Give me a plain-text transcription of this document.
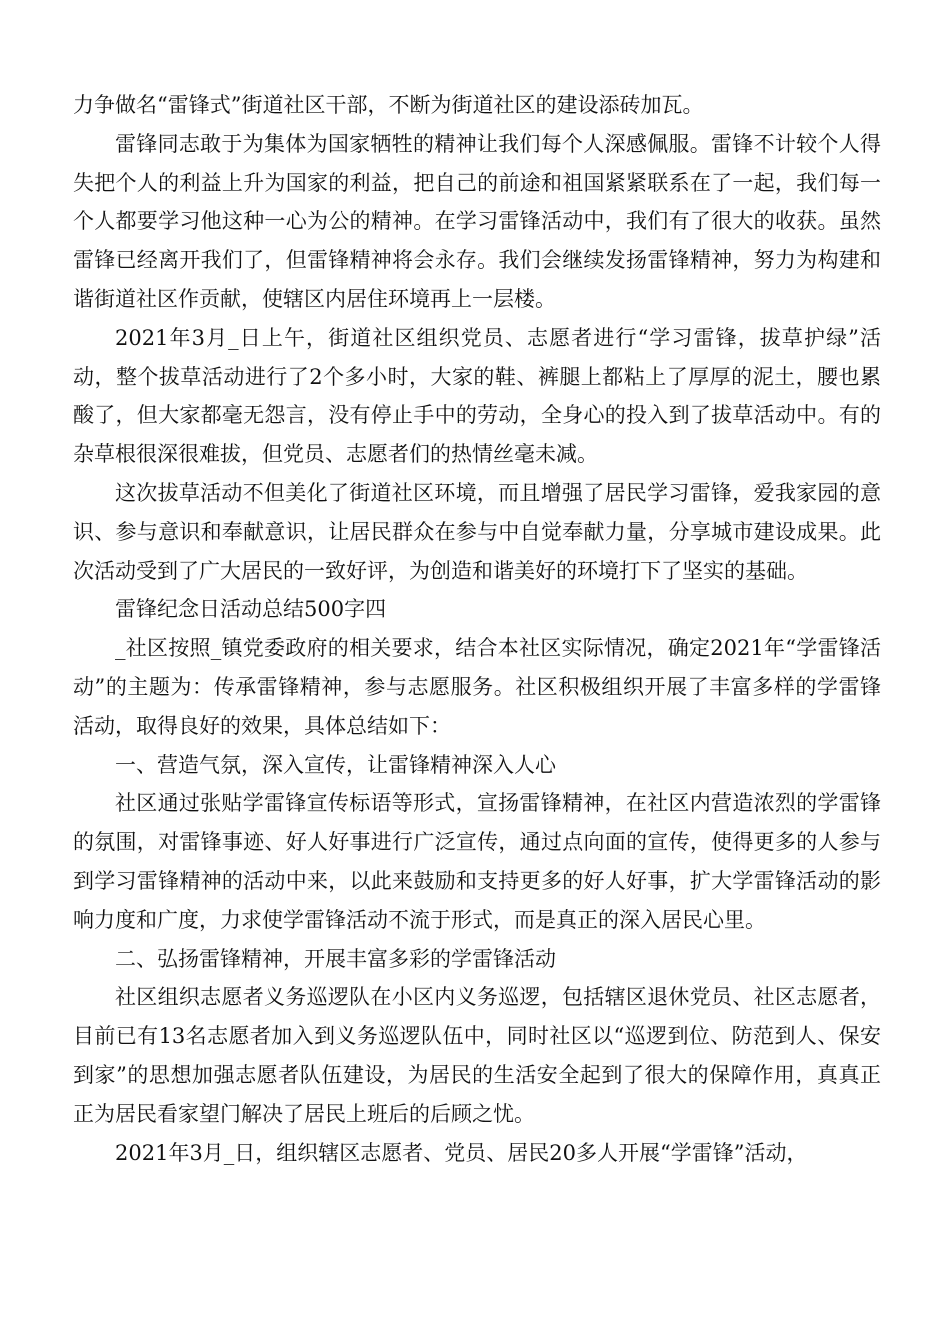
力争做名“雷锋式”街道社区干部，不断为街道社区的建设添砖加瓦。

雷锋同志敢于为集体为国家牺牲的精神让我们每个人深感佩服。雷锋不计较个人得失把个人的利益上升为国家的利益，把自己的前途和祖国紧紧联系在了一起，我们每一个人都要学习他这种一心为公的精神。在学习雷锋活动中，我们有了很大的收获。虽然雷锋已经离开我们了，但雷锋精神将会永存。我们会继续发扬雷锋精神，努力为构建和谐街道社区作贡献，使辖区内居住环境再上一层楼。

2021年3月_日上午，街道社区组织党员、志愿者进行“学习雷锋，拔草护绿”活动，整个拔草活动进行了2个多小时，大家的鞋、裤腿上都粘上了厚厚的泥土，腰也累酸了，但大家都毫无怨言，没有停止手中的劳动，全身心的投入到了拔草活动中。有的杂草根很深很难拔，但党员、志愿者们的热情丝毫未减。

这次拔草活动不但美化了街道社区环境，而且增强了居民学习雷锋，爱我家园的意识、参与意识和奉献意识，让居民群众在参与中自觉奉献力量，分享城市建设成果。此次活动受到了广大居民的一致好评，为创造和谐美好的环境打下了坚实的基础。

雷锋纪念日活动总结500字四

_社区按照_镇党委政府的相关要求，结合本社区实际情况，确定2021年“学雷锋活动”的主题为：传承雷锋精神，参与志愿服务。社区积极组织开展了丰富多样的学雷锋活动，取得良好的效果，具体总结如下：

一、营造气氛，深入宣传，让雷锋精神深入人心

社区通过张贴学雷锋宣传标语等形式，宣扬雷锋精神，在社区内营造浓烈的学雷锋的氛围，对雷锋事迹、好人好事进行广泛宣传，通过点向面的宣传，使得更多的人参与到学习雷锋精神的活动中来，以此来鼓励和支持更多的好人好事，扩大学雷锋活动的影响力度和广度，力求使学雷锋活动不流于形式，而是真正的深入居民心里。

二、弘扬雷锋精神，开展丰富多彩的学雷锋活动

社区组织志愿者义务巡逻队在小区内义务巡逻，包括辖区退休党员、社区志愿者，目前已有13名志愿者加入到义务巡逻队伍中，同时社区以“巡逻到位、防范到人、保安到家”的思想加强志愿者队伍建设，为居民的生活安全起到了很大的保障作用，真真正正为居民看家望门解决了居民上班后的后顾之忧。

2021年3月_日，组织辖区志愿者、党员、居民20多人开展“学雷锋”活动，
